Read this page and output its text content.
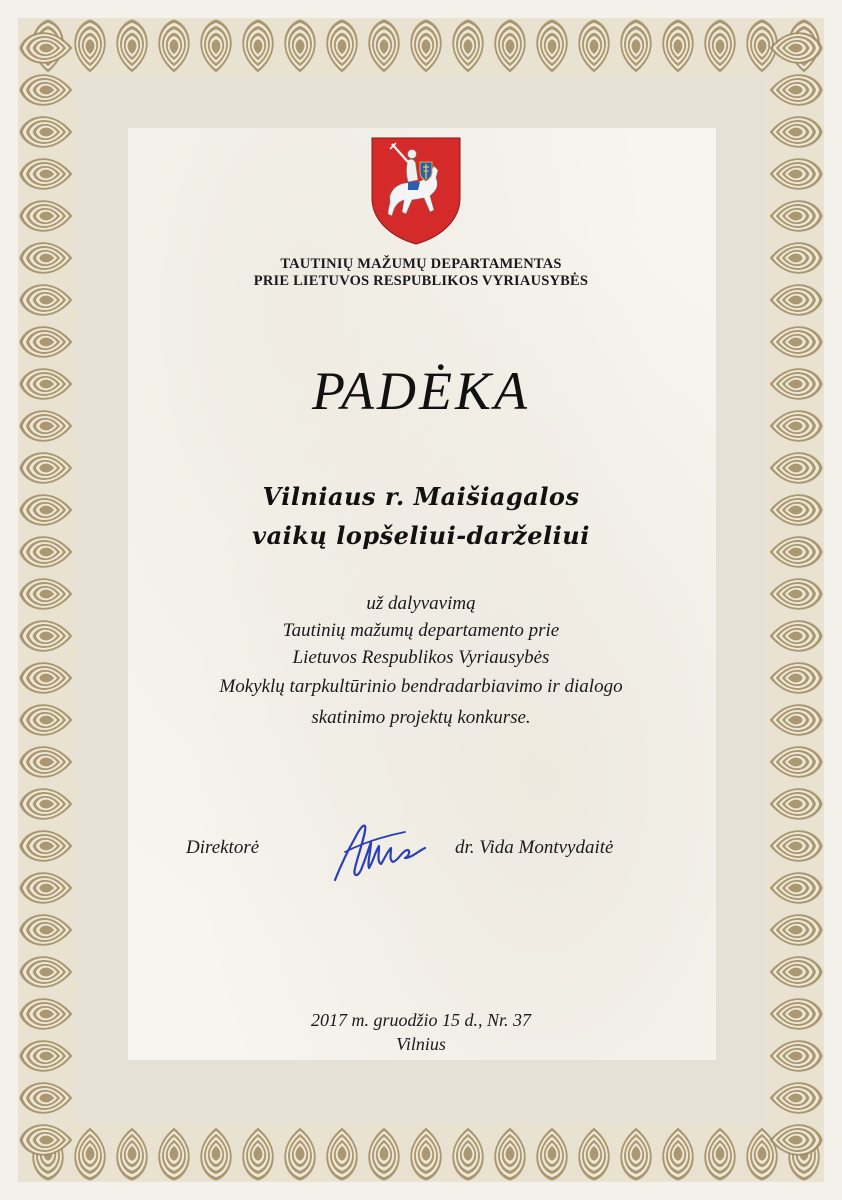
TAUTINIŲ MAŽUMŲ DEPARTAMENTAS
PRIE LIETUVOS RESPUBLIKOS VYRIAUSYBĖS
PADĖKA
Vilniaus r. Maišiagalos
vaikų lopšeliui-darželiui
už dalyvavimą
Tautinių mažumų departamento prie
Lietuvos Respublikos Vyriausybės
Mokyklų tarpkultūrinio bendradarbiavimo ir dialogo
skatinimo projektų konkurse.
Direktorė	dr. Vida Montvydaitė
2017 m. gruodžio 15 d., Nr. 37
Vilnius
